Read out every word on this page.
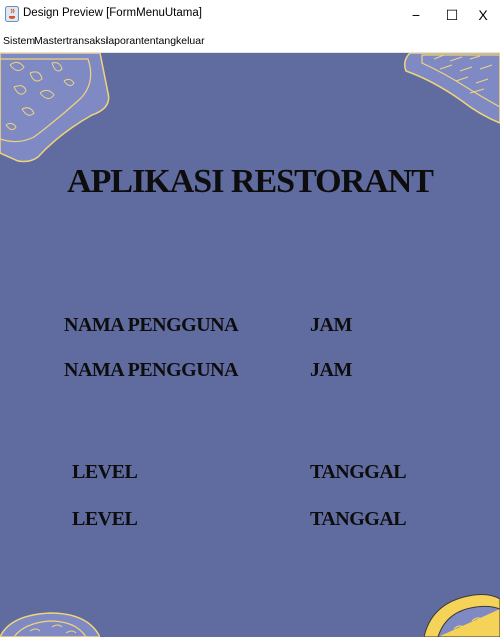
Design Preview [FormMenuUtama]	−	☐	X
Sistem
Master transaksi
laporan tentang keluar
APLIKASI RESTORANT
NAMA PENGGUNA
NAMA PENGGUNA
JAM
JAM
LEVEL
LEVEL
TANGGAL
TANGGAL
